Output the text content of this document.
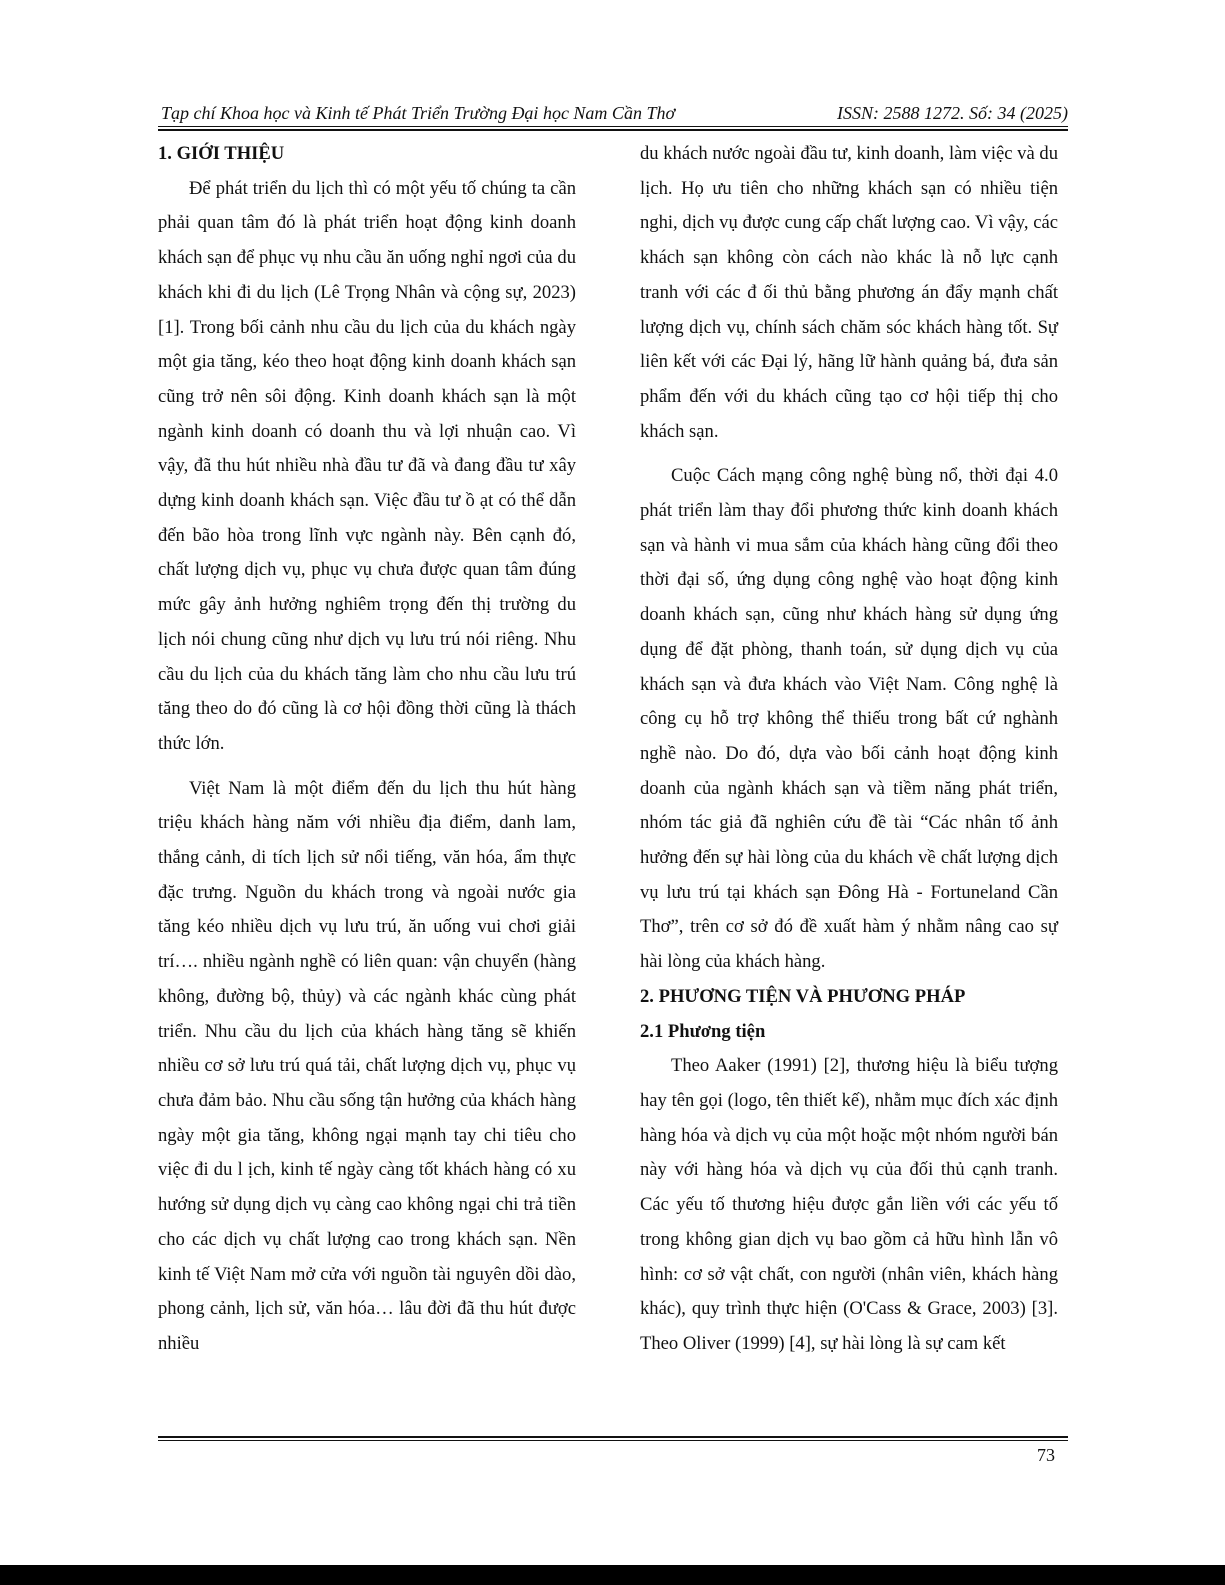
Tạp chí Khoa học và Kinh tế Phát Triển Trường Đại học Nam Cần Thơ	ISSN: 2588 1272. Số: 34 (2025)
1. GIỚI THIỆU

Để phát triển du lịch thì có một yếu tố chúng ta cần phải quan tâm đó là phát triển hoạt động kinh doanh khách sạn để phục vụ nhu cầu ăn uống nghỉ ngơi của du khách khi đi du lịch (Lê Trọng Nhân và cộng sự, 2023) [1]. Trong bối cảnh nhu cầu du lịch của du khách ngày một gia tăng, kéo theo hoạt động kinh doanh khách sạn cũng trở nên sôi động. Kinh doanh khách sạn là một ngành kinh doanh có doanh thu và lợi nhuận cao. Vì vậy, đã thu hút nhiều nhà đầu tư đã và đang đầu tư xây dựng kinh doanh khách sạn. Việc đầu tư ồ ạt có thể dẫn đến bão hòa trong lĩnh vực ngành này. Bên cạnh đó, chất lượng dịch vụ, phục vụ chưa được quan tâm đúng mức gây ảnh hưởng nghiêm trọng đến thị trường du lịch nói chung cũng như dịch vụ lưu trú nói riêng. Nhu cầu du lịch của du khách tăng làm cho nhu cầu lưu trú tăng theo do đó cũng là cơ hội đồng thời cũng là thách thức lớn.

Việt Nam là một điểm đến du lịch thu hút hàng triệu khách hàng năm với nhiều địa điểm, danh lam, thắng cảnh, di tích lịch sử nổi tiếng, văn hóa, ẩm thực đặc trưng. Nguồn du khách trong và ngoài nước gia tăng kéo nhiều dịch vụ lưu trú, ăn uống vui chơi giải trí…. nhiều ngành nghề có liên quan: vận chuyển (hàng không, đường bộ, thủy) và các ngành khác cùng phát triển. Nhu cầu du lịch của khách hàng tăng sẽ khiến nhiều cơ sở lưu trú quá tải, chất lượng dịch vụ, phục vụ chưa đảm bảo. Nhu cầu sống tận hưởng của khách hàng ngày một gia tăng, không ngại mạnh tay chi tiêu cho việc đi du l ịch, kinh tế ngày càng tốt khách hàng có xu hướng sử dụng dịch vụ càng cao không ngại chi trả tiền cho các dịch vụ chất lượng cao trong khách sạn. Nền kinh tế Việt Nam mở cửa với nguồn tài nguyên dồi dào, phong cảnh, lịch sử, văn hóa… lâu đời đã thu hút được nhiều

du khách nước ngoài đầu tư, kinh doanh, làm việc và du lịch. Họ ưu tiên cho những khách sạn có nhiều tiện nghi, dịch vụ được cung cấp chất lượng cao. Vì vậy, các khách sạn không còn cách nào khác là nỗ lực cạnh tranh với các đ ối thủ bằng phương án đẩy mạnh chất lượng dịch vụ, chính sách chăm sóc khách hàng tốt. Sự liên kết với các Đại lý, hãng lữ hành quảng bá, đưa sản phẩm đến với du khách cũng tạo cơ hội tiếp thị cho khách sạn.

Cuộc Cách mạng công nghệ bùng nổ, thời đại 4.0 phát triển làm thay đổi phương thức kinh doanh khách sạn và hành vi mua sắm của khách hàng cũng đổi theo thời đại số, ứng dụng công nghệ vào hoạt động kinh doanh khách sạn, cũng như khách hàng sử dụng ứng dụng để đặt phòng, thanh toán, sử dụng dịch vụ của khách sạn và đưa khách vào Việt Nam. Công nghệ là công cụ hỗ trợ không thể thiếu trong bất cứ nghành nghề nào. Do đó, dựa vào bối cảnh hoạt động kinh doanh của ngành khách sạn và tiềm năng phát triển, nhóm tác giả đã nghiên cứu đề tài “Các nhân tố ảnh hưởng đến sự hài lòng của du khách về chất lượng dịch vụ lưu trú tại khách sạn Đông Hà - Fortuneland Cần Thơ”, trên cơ sở đó đề xuất hàm ý nhằm nâng cao sự hài lòng của khách hàng.

2. PHƯƠNG TIỆN VÀ PHƯƠNG PHÁP
2.1 Phương tiện

Theo Aaker (1991) [2], thương hiệu là biểu tượng hay tên gọi (logo, tên thiết kế), nhằm mục đích xác định hàng hóa và dịch vụ của một hoặc một nhóm người bán này với hàng hóa và dịch vụ của đối thủ cạnh tranh. Các yếu tố thương hiệu được gắn liền với các yếu tố trong không gian dịch vụ bao gồm cả hữu hình lẫn vô hình: cơ sở vật chất, con người (nhân viên, khách hàng khác), quy trình thực hiện (O'Cass & Grace, 2003) [3]. Theo Oliver (1999) [4], sự hài lòng là sự cam kết

73
